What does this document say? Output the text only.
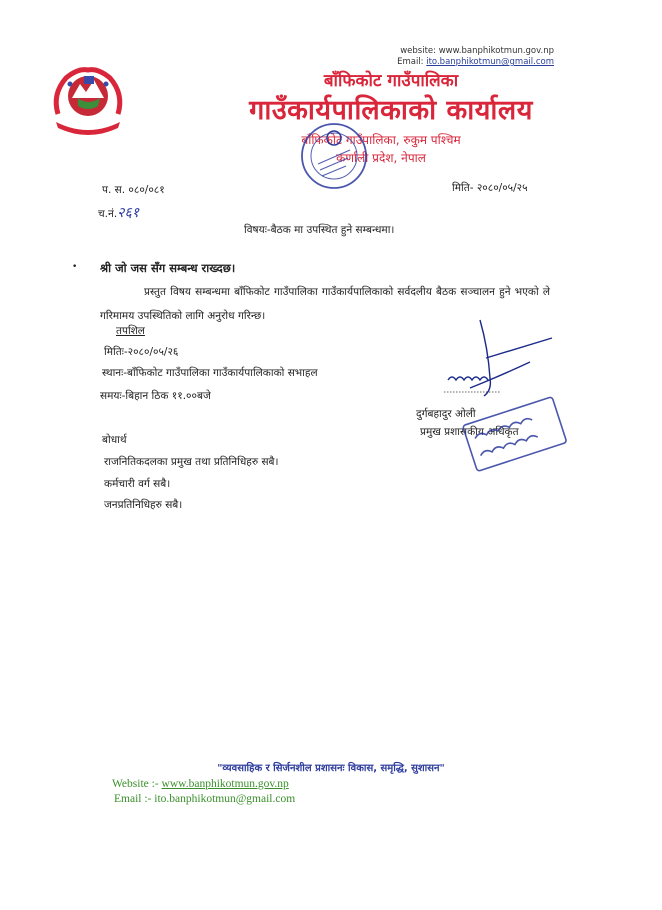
website: www.banphikotmun.gov.np
Email: ito.banphikotmun@gmail.com
बाँफिकोट गाउँपालिका
गाउँकार्यपालिकाको कार्यालय
बाँफिकोट गाउँपालिका, रुकुम पश्चिम
कर्णाली प्रदेश, नेपाल
प. स. ०८०/०८१
च.नं.२६१
मिति- २०८०/०५/२५
विषयः-बैठक मा उपस्थित हुने सम्बन्धमा।
• श्री जो जस सँग सम्बन्ध राख्दछ।
प्रस्तुत विषय सम्बन्धमा बाँफिकोट गाउँपालिका गाउँकार्यपालिकाको सर्वदलीय बैठक सञ्चालन हुने भएको ले गरिमामय उपस्थितिको लागि अनुरोध गरिन्छ।
तपशिल
मितिः-२०८०/०५/२६
स्थानः-बाँफिकोट गाउँपालिका गाउँकार्यपालिकाको सभाहल
समयः-बिहान ठिक ११.००बजे
दुर्गबहादुर ओली
प्रमुख प्रशासकीय अधिकृत
बोधार्थ
राजनितिकदलका प्रमुख तथा प्रतिनिधिहरु सबै।
कर्मचारी वर्ग सबै।
जनप्रतिनिधिहरु सबै।
"व्यवसाहिक र सिर्जनशील प्रशासनः विकास, समृद्धि, सुशासन"
Website :- www.banphikotmun.gov.np
Email :- ito.banphikotmun@gmail.com
